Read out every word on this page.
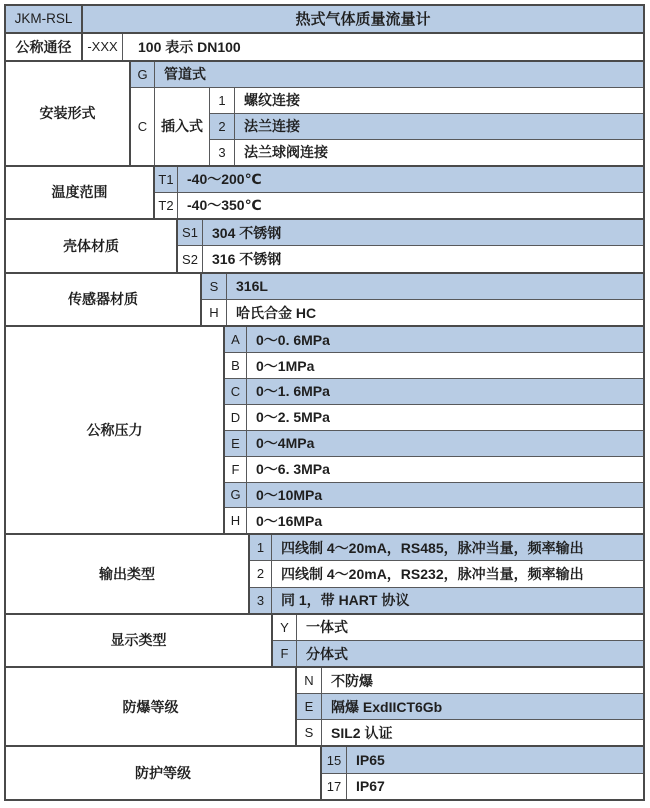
JKM-RSL	热式气体质量流量计
公称通径	-XXX	100 表示 DN100
安装形式
G	管道式
C 插入式
1	螺纹连接
2	法兰连接
3	法兰球阀连接
温度范围
T1 -40～200℃
T2 -40～350℃
壳体材质
S1	304 不锈钢
S2	316 不锈钢
传感器材质
S	316L
H	哈氏合金 HC
公称压力
A	0～0. 6MPa
B	0～1MPa
C	0～1. 6MPa
D	0～2. 5MPa
E	0～4MPa
F	0～6. 3MPa
G	0～10MPa
H	0～16MPa
输出类型
1	四线制 4～20mA，RS485，脉冲当量，频率输出
2	四线制 4～20mA，RS232，脉冲当量，频率输出
3	同 1，带 HART 协议
显示类型
Y	一体式
F	分体式
防爆等级
N	不防爆
E	隔爆 ExdIICT6Gb
S	SIL2 认证
防护等级
15	IP65
17	IP67
